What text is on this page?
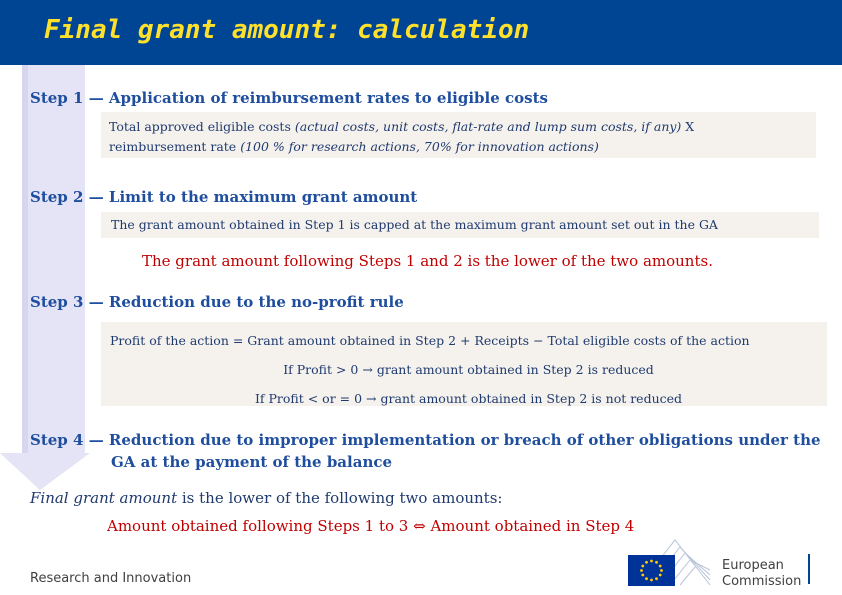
Final grant amount: calculation
Step 1 — Application of reimbursement rates to eligible costs
Total approved eligible costs (actual costs, unit costs, flat-rate and lump sum costs, if any) X
reimbursement rate (100 % for research actions, 70% for innovation actions)
Step 2 — Limit to the maximum grant amount
The grant amount obtained in Step 1 is capped at the maximum grant amount set out in the GA
The grant amount following Steps 1 and 2 is the lower of the two amounts.
Step 3 — Reduction due to the no-profit rule
Profit of the action = Grant amount obtained in Step 2 + Receipts − Total eligible costs of the action
If Profit > 0 → grant amount obtained in Step 2 is reduced
If Profit < or = 0 → grant amount obtained in Step 2 is not reduced
Step 4 — Reduction due to improper implementation or breach of other obligations under the
GA at the payment of the balance
Final grant amount is the lower of the following two amounts:
Amount obtained following Steps 1 to 3 ⇔ Amount obtained in Step 4
Research and Innovation
European
Commission
